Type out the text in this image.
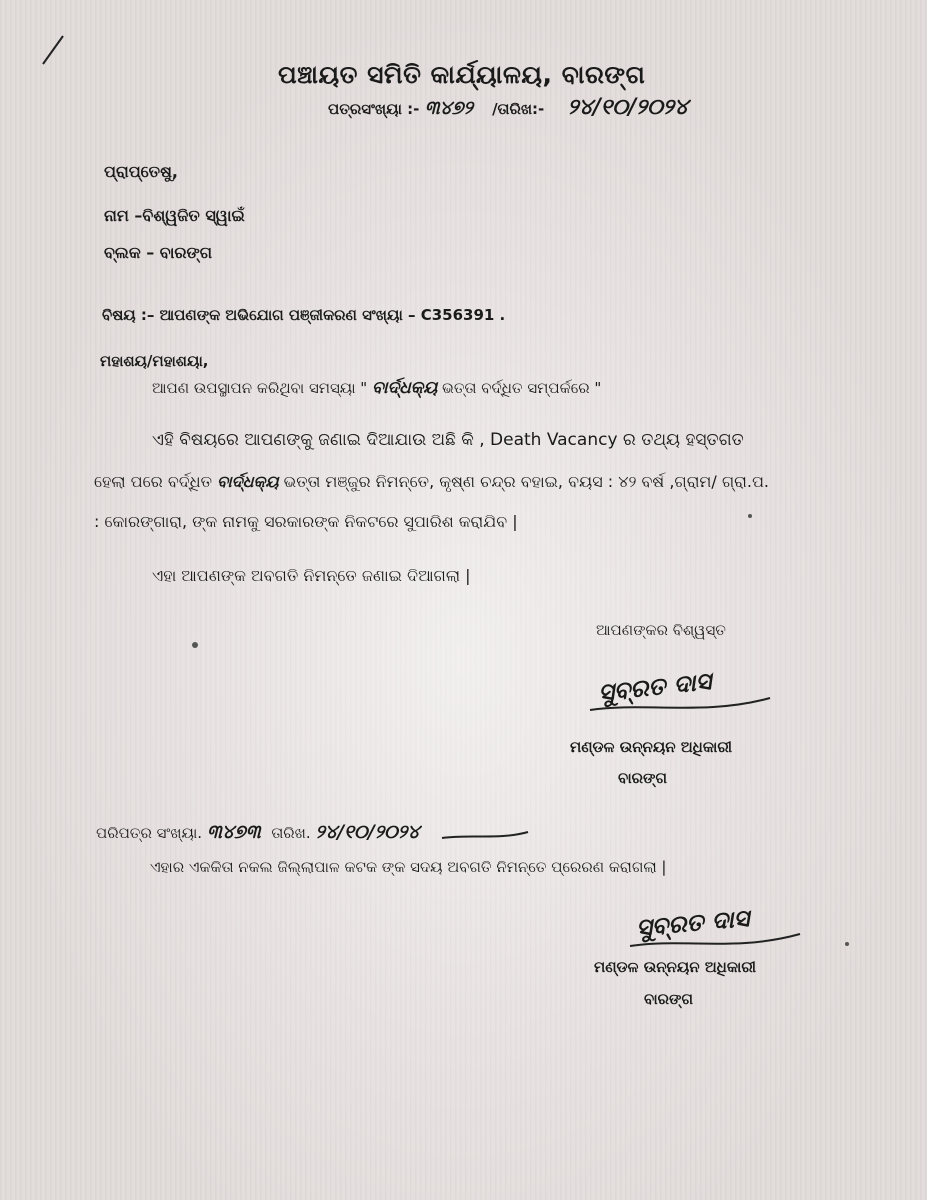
ପଞ୍ଚାୟତ ସମିତି କାର୍ଯ୍ୟାଳୟ, ବାରଙ୍ଗ
ପତ୍ରସଂଖ୍ୟା :- ୩୪୭୨ /ତାରିଖ:- ୨୪/୧୦/୨୦୨୪
ପ୍ରାପ୍ତେଷୁ,
ନାମ –ବିଶ୍ୱଜିତ ସ୍ୱାଇଁ
ବ୍ଲକ – ବାରଙ୍ଗ
ବିଷୟ :– ଆପଣଙ୍କ ଅଭିଯୋଗ ପଞ୍ଜୀକରଣ ସଂଖ୍ୟା – C356391 .
ମହାଶୟ/ମହାଶୟା,
ଆପଣ ଉପସ୍ଥାପନ କରିଥିବା ସମସ୍ୟା " ବାର୍ଦ୍ଧକ୍ୟ ଭତ୍ତା ବର୍ଦ୍ଧିତ ସମ୍ପର୍କରେ "
ଏହି ବିଷୟରେ ଆପଣଙ୍କୁ ଜଣାଇ ଦିଆଯାଉ ଅଛି କି , Death Vacancy ର ତଥ୍ୟ ହସ୍ତଗତ
ହେଲା ପରେ ବର୍ଦ୍ଧିତ ବାର୍ଦ୍ଧକ୍ୟ ଭତ୍ତା ମଞ୍ଜୁର ନିମନ୍ତେ, କୃଷ୍ଣ ଚନ୍ଦ୍ର ବହାଇ, ବୟସ : ୪୨ ବର୍ଷ ,ଗ୍ରାମ/ ଗ୍ରା.ପ.
: କୋରଙ୍ଗାରା, ଙ୍କ ନାମକୁ ସରକାରଙ୍କ ନିକଟରେ ସୁପାରିଶ କରାଯିବ |
ଏହା ଆପଣଙ୍କ ଅବଗତି ନିମନ୍ତେ ଜଣାଇ ଦିଆଗଲା |
ଆପଣଙ୍କର ବିଶ୍ୱସ୍ତ
ସୁବ୍ରତ ଦାସ
ମଣ୍ଡଳ ଉନ୍ନୟନ ଅଧିକାରୀ
ବାରଙ୍ଗ
ପରିପତ୍ର ସଂଖ୍ୟା. ୩୪୭୩ ତାରିଖ. ୨୪/୧୦/୨୦୨୪
ଏହାର ଏକକିତା ନକଲ ଜିଲ୍ଲାପାଳ କଟକ ଙ୍କ ସଦୟ ଅବଗତି ନିମନ୍ତେ ପ୍ରେରଣ କରାଗଲା |
ସୁବ୍ରତ ଦାସ
ମଣ୍ଡଳ ଉନ୍ନୟନ ଅଧିକାରୀ
ବାରଙ୍ଗ
